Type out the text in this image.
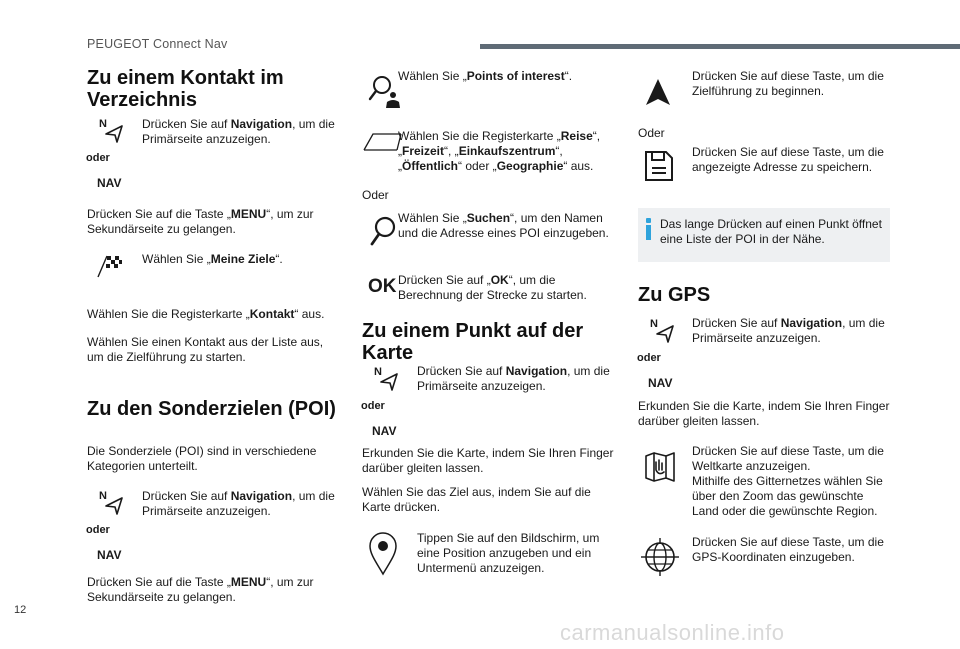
PEUGEOT Connect Nav
12
carmanualsonline.info
Zu einem Kontakt im Verzeichnis
N
oder
NAV

Drücken Sie auf Navigation, um die Primärseite anzuzeigen.

Drücken Sie auf die Taste „MENU“, um zur Sekundärseite zu gelangen.

Wählen Sie „Meine Ziele“.

Wählen Sie die Registerkarte „Kontakt“ aus.

Wählen Sie einen Kontakt aus der Liste aus, um die Zielführung zu starten.

Zu den Sonderzielen (POI)

Die Sonderziele (POI) sind in verschiedene Kategorien unterteilt.

N
oder
NAV

Drücken Sie auf Navigation, um die Primärseite anzuzeigen.

Drücken Sie auf die Taste „MENU“, um zur Sekundärseite zu gelangen.

Wählen Sie „Points of interest“.

Wählen Sie die Registerkarte „Reise“, „Freizeit“, „Einkaufszentrum“, „Öffentlich“ oder „Geographie“ aus.

Oder

Wählen Sie „Suchen“, um den Namen und die Adresse eines POI einzugeben.

OK Drücken Sie auf „OK“, um die Berechnung der Strecke zu starten.

Zu einem Punkt auf der Karte
N
oder
NAV

Drücken Sie auf Navigation, um die Primärseite anzuzeigen.

Erkunden Sie die Karte, indem Sie Ihren Finger darüber gleiten lassen.

Wählen Sie das Ziel aus, indem Sie auf die Karte drücken.

Tippen Sie auf den Bildschirm, um eine Position anzugeben und ein Untermenü anzuzeigen.

Drücken Sie auf diese Taste, um die Zielführung zu beginnen.

Oder

Drücken Sie auf diese Taste, um die angezeigte Adresse zu speichern.

Das lange Drücken auf einen Punkt öffnet eine Liste der POI in der Nähe.

Zu GPS
N
oder
NAV

Drücken Sie auf Navigation, um die Primärseite anzuzeigen.

Erkunden Sie die Karte, indem Sie Ihren Finger darüber gleiten lassen.

Drücken Sie auf diese Taste, um die Weltkarte anzuzeigen.
Mithilfe des Gitternetzes wählen Sie über den Zoom das gewünschte Land oder die gewünschte Region.

Drücken Sie auf diese Taste, um die GPS-Koordinaten einzugeben.
